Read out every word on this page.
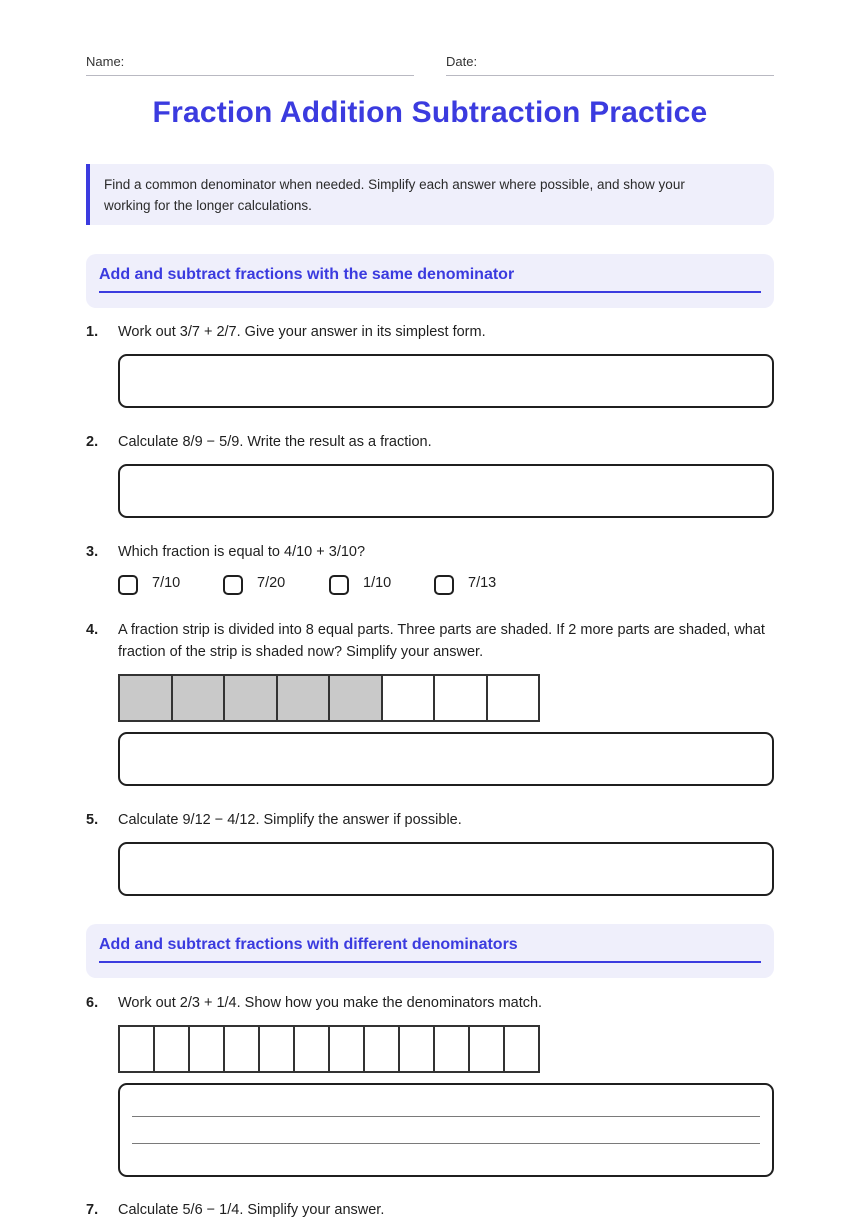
Name:	Date:
Fraction Addition Subtraction Practice
Find a common denominator when needed. Simplify each answer where possible, and show your working for the longer calculations.
Add and subtract fractions with the same denominator
1. Work out 3/7 + 2/7. Give your answer in its simplest form.
2. Calculate 8/9 − 5/9. Write the result as a fraction.
3. Which fraction is equal to 4/10 + 3/10?
7/10	7/20	1/10	7/13
4. A fraction strip is divided into 8 equal parts. Three parts are shaded. If 2 more parts are shaded, what fraction of the strip is shaded now? Simplify your answer.
5. Calculate 9/12 − 4/12. Simplify the answer if possible.
Add and subtract fractions with different denominators
6. Work out 2/3 + 1/4. Show how you make the denominators match.
7. Calculate 5/6 − 1/4. Simplify your answer.
